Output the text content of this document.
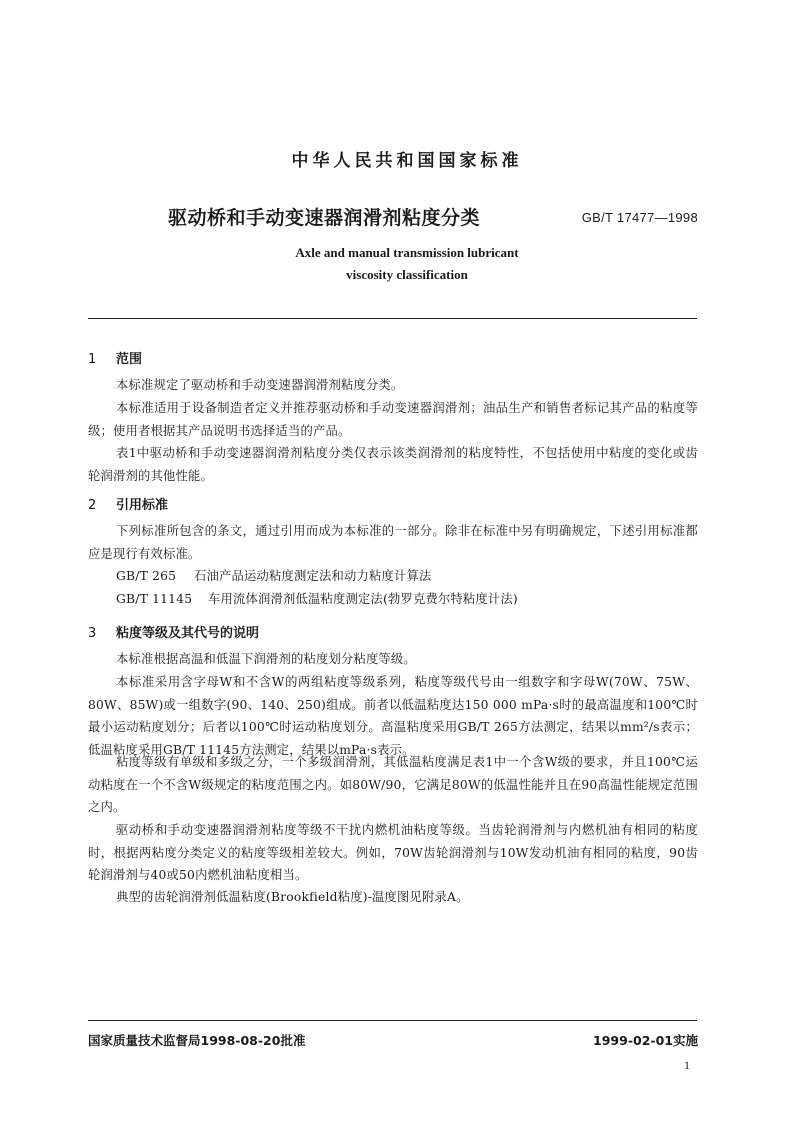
中华人民共和国国家标准
驱动桥和手动变速器润滑剂粘度分类	GB/T 17477—1998
Axle and manual transmission lubricant
viscosity classification
1 范围
本标准规定了驱动桥和手动变速器润滑剂粘度分类。
本标准适用于设备制造者定义并推荐驱动桥和手动变速器润滑剂；油品生产和销售者标记其产品的粘度等级；使用者根据其产品说明书选择适当的产品。
表1中驱动桥和手动变速器润滑剂粘度分类仅表示该类润滑剂的粘度特性，不包括使用中粘度的变化或齿轮润滑剂的其他性能。
2 引用标准
下列标准所包含的条文，通过引用而成为本标准的一部分。除非在标准中另有明确规定，下述引用标准都应是现行有效标准。
GB/T 265 石油产品运动粘度测定法和动力粘度计算法
GB/T 11145 车用流体润滑剂低温粘度测定法(勃罗克费尔特粘度计法)
3 粘度等级及其代号的说明
本标准根据高温和低温下润滑剂的粘度划分粘度等级。
本标准采用含字母W和不含W的两组粘度等级系列，粘度等级代号由一组数字和字母W(70W、75W、80W、85W)或一组数字(90、140、250)组成。前者以低温粘度达150 000 mPa·s时的最高温度和100℃时最小运动粘度划分；后者以100℃时运动粘度划分。高温粘度采用GB/T 265方法测定，结果以mm²/s表示；低温粘度采用GB/T 11145方法测定，结果以mPa·s表示。
粘度等级有单级和多级之分，一个多级润滑剂，其低温粘度满足表1中一个含W级的要求，并且100℃运动粘度在一个不含W级规定的粘度范围之内。如80W/90，它满足80W的低温性能并且在90高温性能规定范围之内。
驱动桥和手动变速器润滑剂粘度等级不干扰内燃机油粘度等级。当齿轮润滑剂与内燃机油有相同的粘度时，根据两粘度分类定义的粘度等级相差较大。例如，70W齿轮润滑剂与10W发动机油有相同的粘度，90齿轮润滑剂与40或50内燃机油粘度相当。
典型的齿轮润滑剂低温粘度(Brookfield粘度)-温度图见附录A。
国家质量技术监督局1998-08-20批准	1999-02-01实施
1
